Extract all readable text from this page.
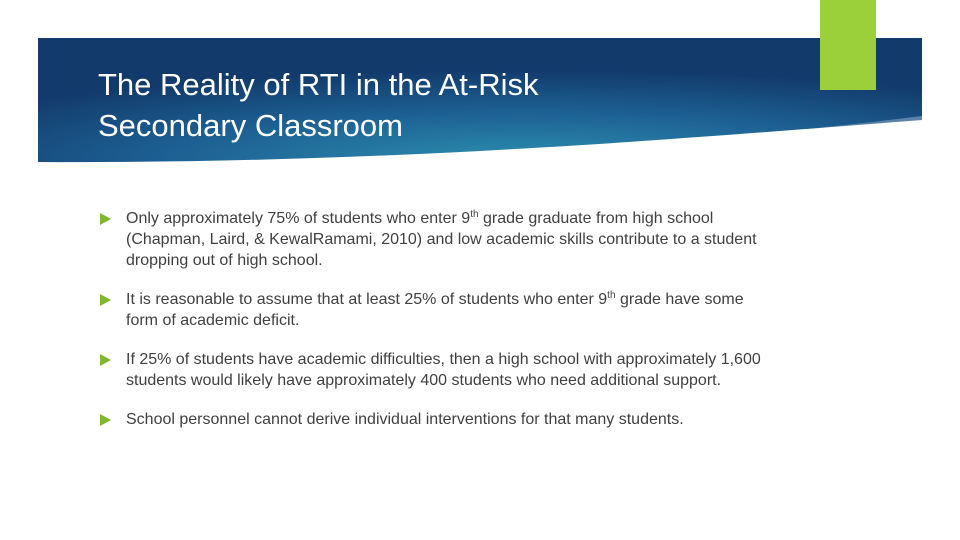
The Reality of RTI in the At-Risk
Secondary Classroom
Only approximately 75% of students who enter 9th grade graduate from high school (Chapman, Laird, & KewalRamami, 2010) and low academic skills contribute to a student dropping out of high school.
It is reasonable to assume that at least 25% of students who enter 9th grade have some form of academic deficit.
If 25% of students have academic difficulties, then a high school with approximately 1,600 students would likely have approximately 400 students who need additional support.
School personnel cannot derive individual interventions for that many students.
